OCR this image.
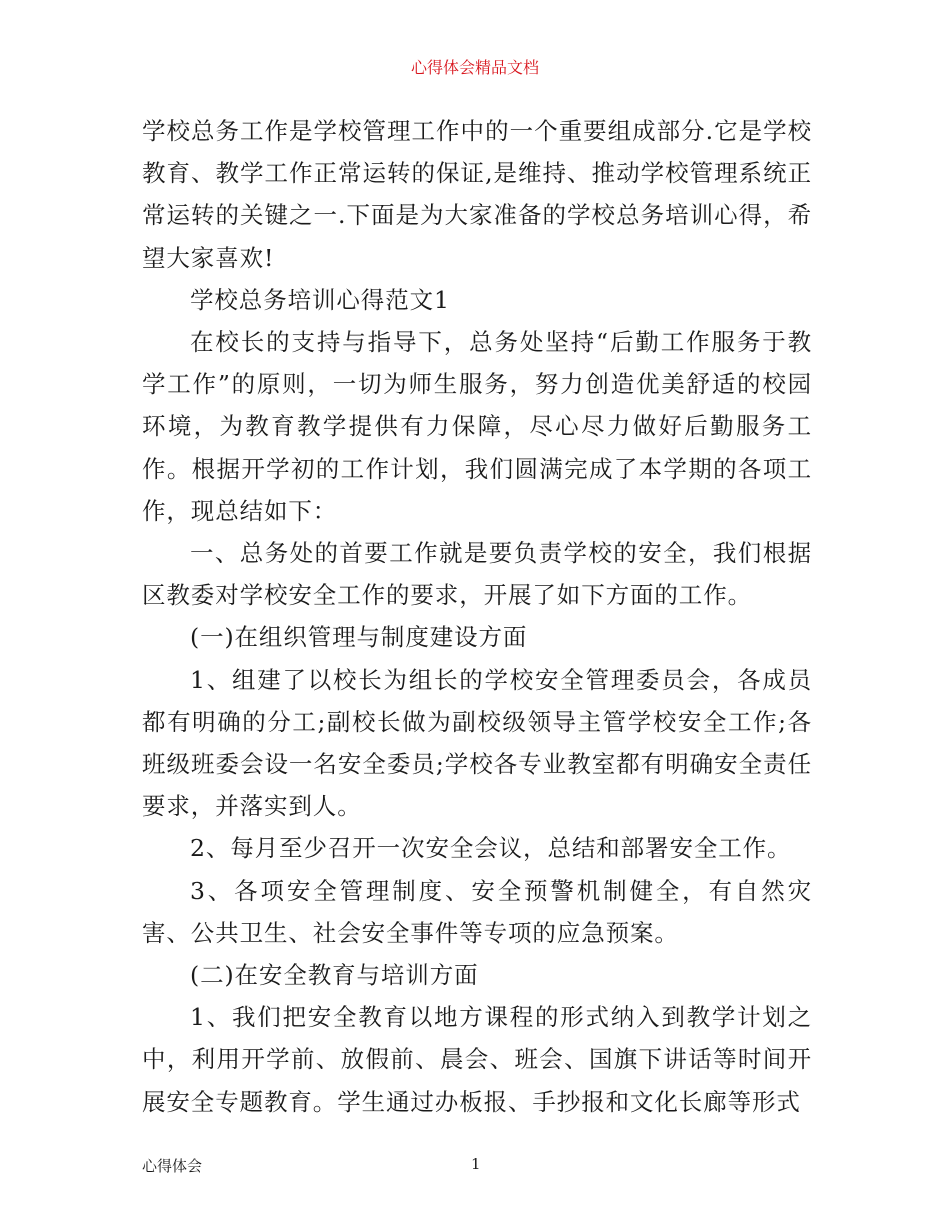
心得体会精品文档

学校总务工作是学校管理工作中的一个重要组成部分.它是学校教育、教学工作正常运转的保证,是维持、推动学校管理系统正常运转的关键之一.下面是为大家准备的学校总务培训心得，希望大家喜欢!

学校总务培训心得范文1

在校长的支持与指导下，总务处坚持“后勤工作服务于教学工作”的原则，一切为师生服务，努力创造优美舒适的校园环境，为教育教学提供有力保障，尽心尽力做好后勤服务工作。根据开学初的工作计划，我们圆满完成了本学期的各项工作，现总结如下：

一、总务处的首要工作就是要负责学校的安全，我们根据区教委对学校安全工作的要求，开展了如下方面的工作。

(一)在组织管理与制度建设方面

1、组建了以校长为组长的学校安全管理委员会，各成员都有明确的分工;副校长做为副校级领导主管学校安全工作;各班级班委会设一名安全委员;学校各专业教室都有明确安全责任要求，并落实到人。

2、每月至少召开一次安全会议，总结和部署安全工作。

3、各项安全管理制度、安全预警机制健全，有自然灾害、公共卫生、社会安全事件等专项的应急预案。

(二)在安全教育与培训方面

1、我们把安全教育以地方课程的形式纳入到教学计划之中，利用开学前、放假前、晨会、班会、国旗下讲话等时间开展安全专题教育。学生通过办板报、手抄报和文化长廊等形式

心得体会	1
